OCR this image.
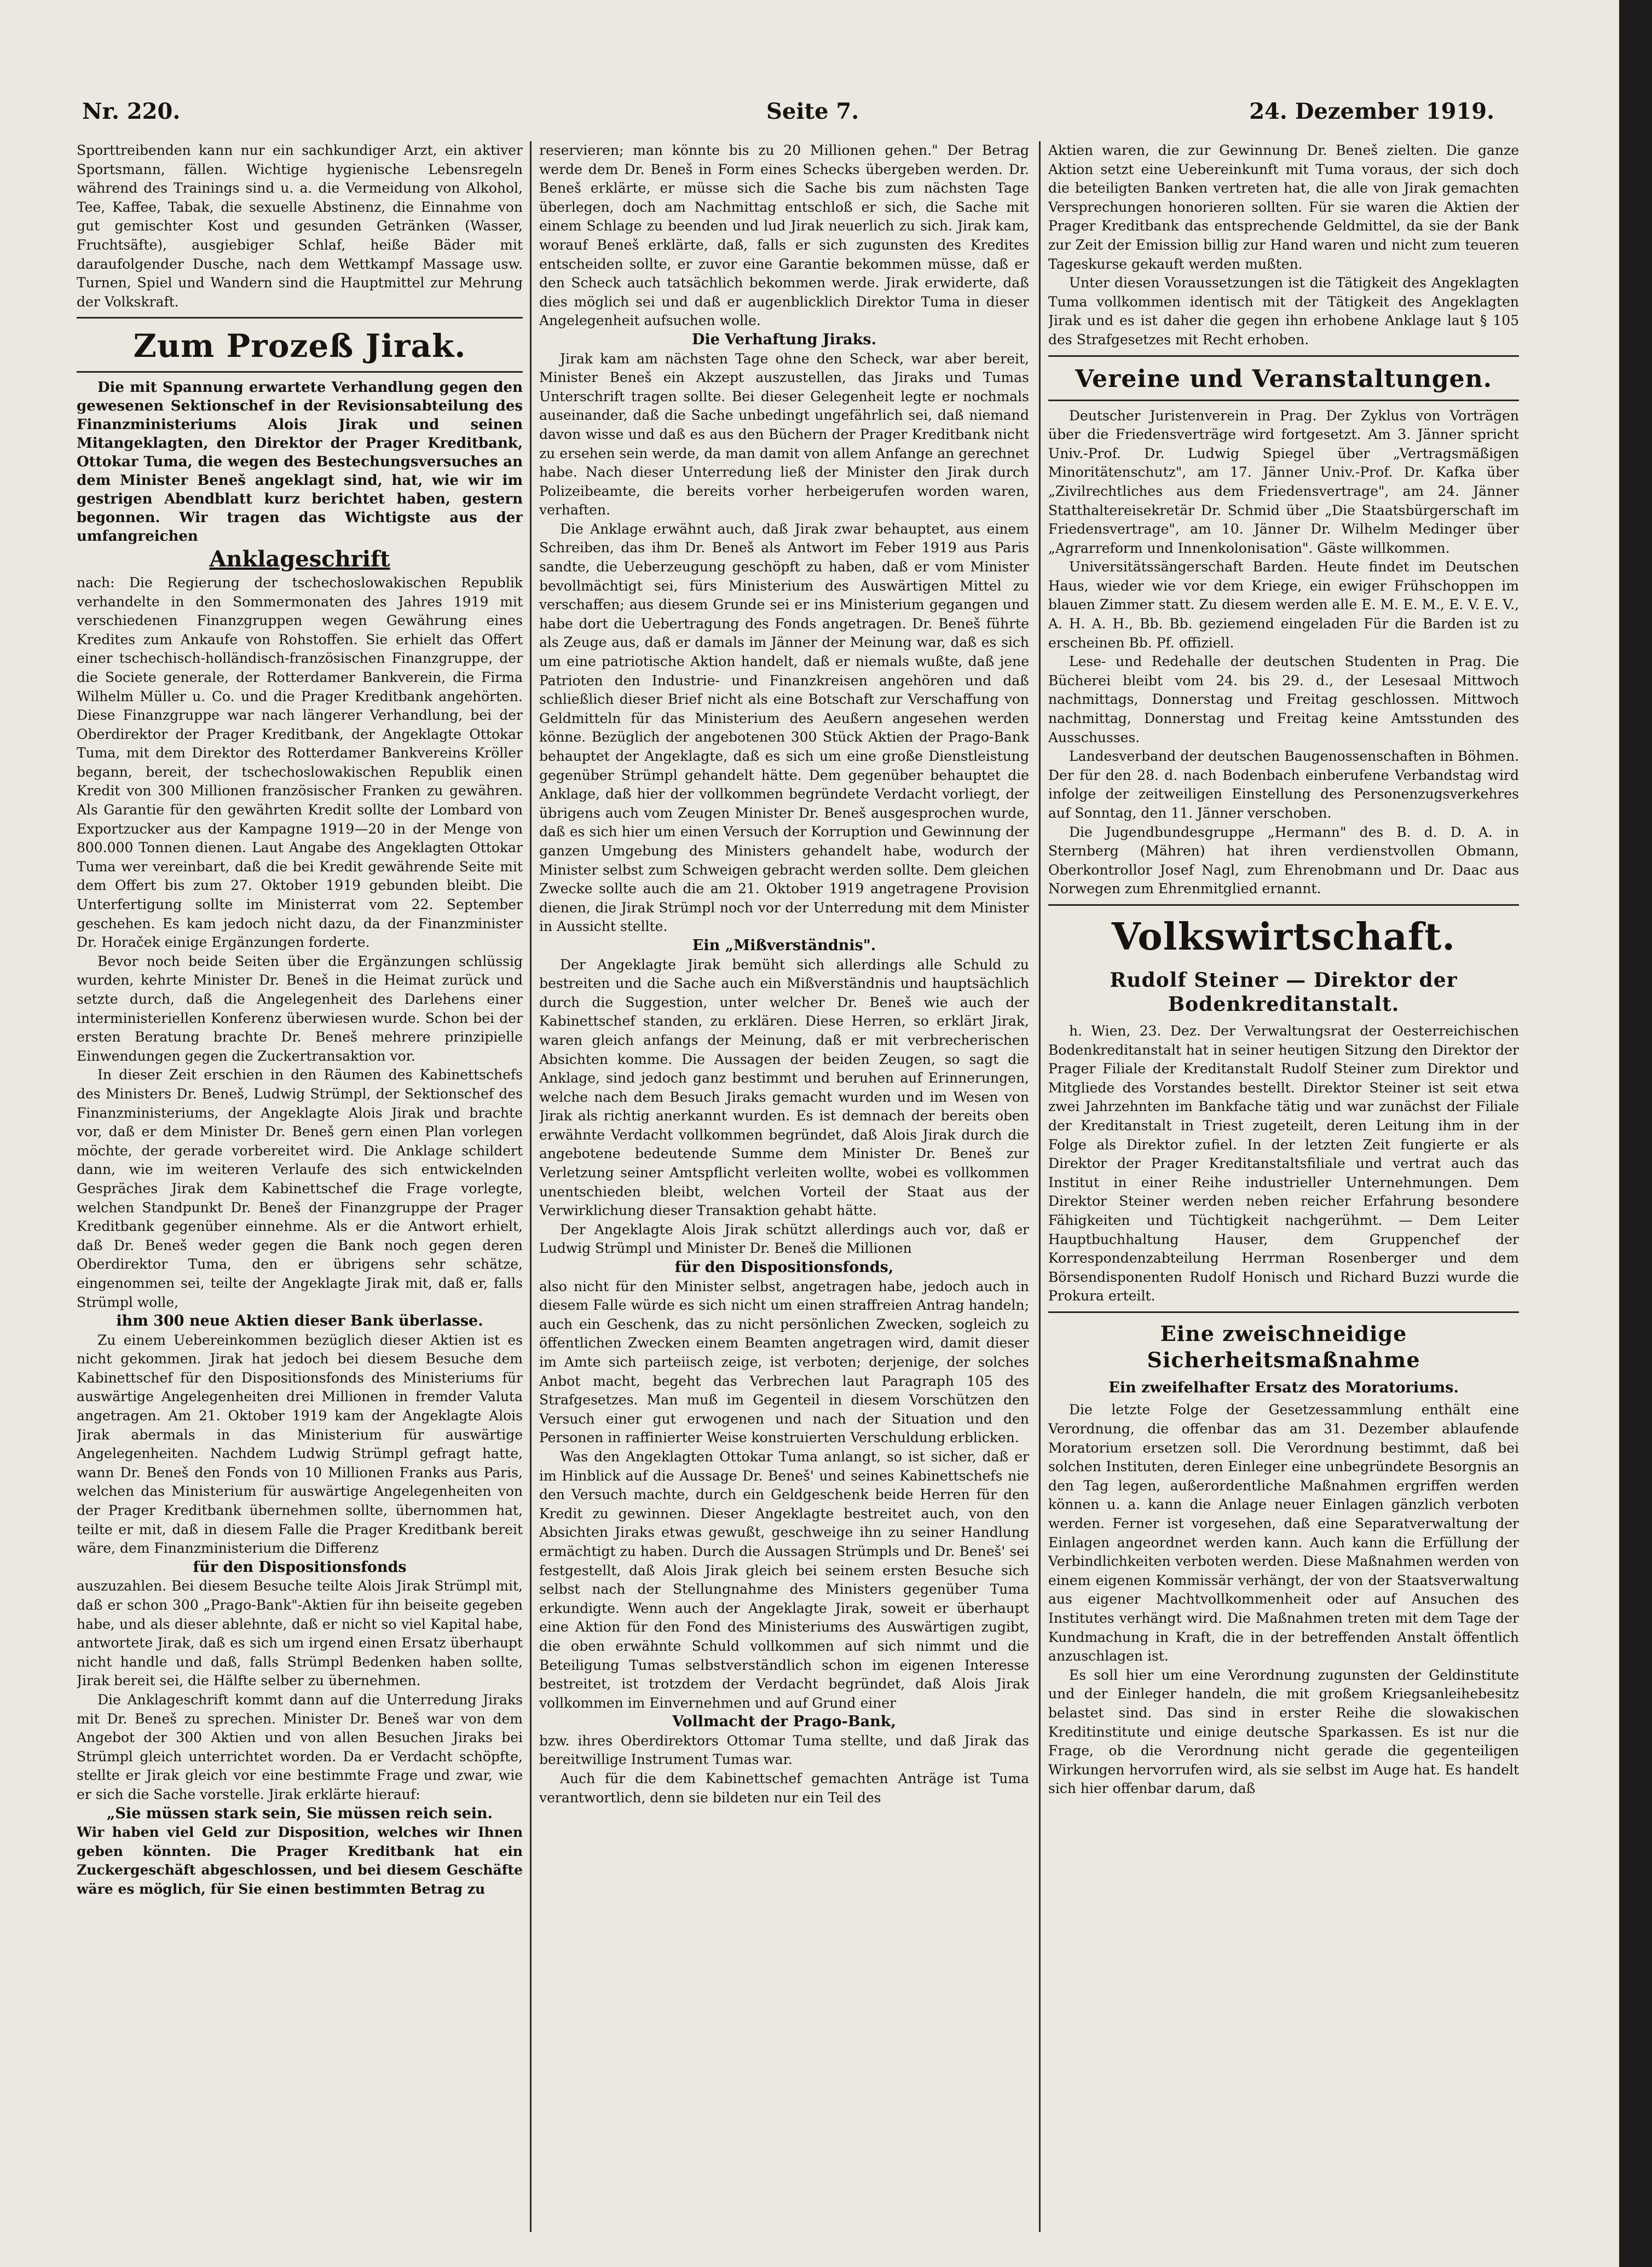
Nr. 220.	Seite 7.	24. Dezember 1919.

Sporttreibenden kann nur ein sachkundiger Arzt, ein aktiver Sportsmann, fällen. Wichtige hygienische Lebensregeln während des Trainings sind u. a. die Vermeidung von Alkohol, Tee, Kaffee, Tabak, die sexuelle Abstinenz, die Einnahme von gut gemischter Kost und gesunden Getränken (Wasser, Fruchtsäfte), ausgiebiger Schlaf, heiße Bäder mit daraufolgender Dusche, nach dem Wettkampf Massage usw. Turnen, Spiel und Wandern sind die Hauptmittel zur Mehrung der Volkskraft.

Zum Prozeß Jirak.

Die mit Spannung erwartete Verhandlung gegen den gewesenen Sektionschef in der Revisionsabteilung des Finanzministeriums Alois Jirak und seinen Mitangeklagten, den Direktor der Prager Kreditbank, Ottokar Tuma, die wegen des Bestechungsversuches an dem Minister Beneš angeklagt sind, hat, wie wir im gestrigen Abendblatt kurz berichtet haben, gestern begonnen. Wir tragen das Wichtigste aus der umfangreichen

Anklageschrift

nach: Die Regierung der tschechoslowakischen Republik verhandelte in den Sommermonaten des Jahres 1919 mit verschiedenen Finanzgruppen wegen Gewährung eines Kredites zum Ankaufe von Rohstoffen. Sie erhielt das Offert einer tschechisch-holländisch-französischen Finanzgruppe, der die Societe generale, der Rotterdamer Bankverein, die Firma Wilhelm Müller u. Co. und die Prager Kreditbank angehörten. Diese Finanzgruppe war nach längerer Verhandlung, bei der Oberdirektor der Prager Kreditbank, der Angeklagte Ottokar Tuma, mit dem Direktor des Rotterdamer Bankvereins Kröller begann, bereit, der tschechoslowakischen Republik einen Kredit von 300 Millionen französischer Franken zu gewähren. Als Garantie für den gewährten Kredit sollte der Lombard von Exportzucker aus der Kampagne 1919—20 in der Menge von 800.000 Tonnen dienen. Laut Angabe des Angeklagten Ottokar Tuma wer vereinbart, daß die bei Kredit gewährende Seite mit dem Offert bis zum 27. Oktober 1919 gebunden bleibt. Die Unterfertigung sollte im Ministerrat vom 22. September geschehen. Es kam jedoch nicht dazu, da der Finanzminister Dr. Horaček einige Ergänzungen forderte.

Bevor noch beide Seiten über die Ergänzungen schlüssig wurden, kehrte Minister Dr. Beneš in die Heimat zurück und setzte durch, daß die Angelegenheit des Darlehens einer interministeriellen Konferenz überwiesen wurde. Schon bei der ersten Beratung brachte Dr. Beneš mehrere prinzipielle Einwendungen gegen die Zuckertransaktion vor.

In dieser Zeit erschien in den Räumen des Kabinettschefs des Ministers Dr. Beneš, Ludwig Strümpl, der Sektionschef des Finanzministeriums, der Angeklagte Alois Jirak und brachte vor, daß er dem Minister Dr. Beneš gern einen Plan vorlegen möchte, der gerade vorbereitet wird. Die Anklage schildert dann, wie im weiteren Verlaufe des sich entwickelnden Gespräches Jirak dem Kabinettschef die Frage vorlegte, welchen Standpunkt Dr. Beneš der Finanzgruppe der Prager Kreditbank gegenüber einnehme. Als er die Antwort erhielt, daß Dr. Beneš weder gegen die Bank noch gegen deren Oberdirektor Tuma, den er übrigens sehr schätze, eingenommen sei, teilte der Angeklagte Jirak mit, daß er, falls Strümpl wolle,

ihm 300 neue Aktien dieser Bank überlasse.

Zu einem Uebereinkommen bezüglich dieser Aktien ist es nicht gekommen. Jirak hat jedoch bei diesem Besuche dem Kabinettschef für den Dispositionsfonds des Ministeriums für auswärtige Angelegenheiten drei Millionen in fremder Valuta angetragen. Am 21. Oktober 1919 kam der Angeklagte Alois Jirak abermals in das Ministerium für auswärtige Angelegenheiten. Nachdem Ludwig Strümpl gefragt hatte, wann Dr. Beneš den Fonds von 10 Millionen Franks aus Paris, welchen das Ministerium für auswärtige Angelegenheiten von der Prager Kreditbank übernehmen sollte, übernommen hat, teilte er mit, daß in diesem Falle die Prager Kreditbank bereit wäre, dem Finanzministerium die Differenz

für den Dispositionsfonds

auszuzahlen. Bei diesem Besuche teilte Alois Jirak Strümpl mit, daß er schon 300 „Prago-Bank"-Aktien für ihn beiseite gegeben habe, und als dieser ablehnte, daß er nicht so viel Kapital habe, antwortete Jirak, daß es sich um irgend einen Ersatz überhaupt nicht handle und daß, falls Strümpl Bedenken haben sollte, Jirak bereit sei, die Hälfte selber zu übernehmen.

Die Anklageschrift kommt dann auf die Unterredung Jiraks mit Dr. Beneš zu sprechen. Minister Dr. Beneš war von dem Angebot der 300 Aktien und von allen Besuchen Jiraks bei Strümpl gleich unterrichtet worden. Da er Verdacht schöpfte, stellte er Jirak gleich vor eine bestimmte Frage und zwar, wie er sich die Sache vorstelle. Jirak erklärte hierauf:

„Sie müssen stark sein, Sie müssen reich sein.

Wir haben viel Geld zur Disposition, welches wir Ihnen geben könnten. Die Prager Kreditbank hat ein Zuckergeschäft abgeschlossen, und bei diesem Geschäfte wäre es möglich, für Sie einen bestimmten Betrag zu

reservieren; man könnte bis zu 20 Millionen gehen." Der Betrag werde dem Dr. Beneš in Form eines Schecks übergeben werden. Dr. Beneš erklärte, er müsse sich die Sache bis zum nächsten Tage überlegen, doch am Nachmittag entschloß er sich, die Sache mit einem Schlage zu beenden und lud Jirak neuerlich zu sich. Jirak kam, worauf Beneš erklärte, daß, falls er sich zugunsten des Kredites entscheiden sollte, er zuvor eine Garantie bekommen müsse, daß er den Scheck auch tatsächlich bekommen werde. Jirak erwiderte, daß dies möglich sei und daß er augenblicklich Direktor Tuma in dieser Angelegenheit aufsuchen wolle.

Die Verhaftung Jiraks.

Jirak kam am nächsten Tage ohne den Scheck, war aber bereit, Minister Beneš ein Akzept auszustellen, das Jiraks und Tumas Unterschrift tragen sollte. Bei dieser Gelegenheit legte er nochmals auseinander, daß die Sache unbedingt ungefährlich sei, daß niemand davon wisse und daß es aus den Büchern der Prager Kreditbank nicht zu ersehen sein werde, da man damit von allem Anfange an gerechnet habe. Nach dieser Unterredung ließ der Minister den Jirak durch Polizeibeamte, die bereits vorher herbeigerufen worden waren, verhaften.

Die Anklage erwähnt auch, daß Jirak zwar behauptet, aus einem Schreiben, das ihm Dr. Beneš als Antwort im Feber 1919 aus Paris sandte, die Ueberzeugung geschöpft zu haben, daß er vom Minister bevollmächtigt sei, fürs Ministerium des Auswärtigen Mittel zu verschaffen; aus diesem Grunde sei er ins Ministerium gegangen und habe dort die Uebertragung des Fonds angetragen. Dr. Beneš führte als Zeuge aus, daß er damals im Jänner der Meinung war, daß es sich um eine patriotische Aktion handelt, daß er niemals wußte, daß jene Patrioten den Industrie- und Finanzkreisen angehören und daß schließlich dieser Brief nicht als eine Botschaft zur Verschaffung von Geldmitteln für das Ministerium des Aeußern angesehen werden könne. Bezüglich der angebotenen 300 Stück Aktien der Prago-Bank behauptet der Angeklagte, daß es sich um eine große Dienstleistung gegenüber Strümpl gehandelt hätte. Dem gegenüber behauptet die Anklage, daß hier der vollkommen begründete Verdacht vorliegt, der übrigens auch vom Zeugen Minister Dr. Beneš ausgesprochen wurde, daß es sich hier um einen Versuch der Korruption und Gewinnung der ganzen Umgebung des Ministers gehandelt habe, wodurch der Minister selbst zum Schweigen gebracht werden sollte. Dem gleichen Zwecke sollte auch die am 21. Oktober 1919 angetragene Provision dienen, die Jirak Strümpl noch vor der Unterredung mit dem Minister in Aussicht stellte.

Ein „Mißverständnis".

Der Angeklagte Jirak bemüht sich allerdings alle Schuld zu bestreiten und die Sache auch ein Mißverständnis und hauptsächlich durch die Suggestion, unter welcher Dr. Beneš wie auch der Kabinettschef standen, zu erklären. Diese Herren, so erklärt Jirak, waren gleich anfangs der Meinung, daß er mit verbrecherischen Absichten komme. Die Aussagen der beiden Zeugen, so sagt die Anklage, sind jedoch ganz bestimmt und beruhen auf Erinnerungen, welche nach dem Besuch Jiraks gemacht wurden und im Wesen von Jirak als richtig anerkannt wurden. Es ist demnach der bereits oben erwähnte Verdacht vollkommen begründet, daß Alois Jirak durch die angebotene bedeutende Summe dem Minister Dr. Beneš zur Verletzung seiner Amtspflicht verleiten wollte, wobei es vollkommen unentschieden bleibt, welchen Vorteil der Staat aus der Verwirklichung dieser Transaktion gehabt hätte.

Der Angeklagte Alois Jirak schützt allerdings auch vor, daß er Ludwig Strümpl und Minister Dr. Beneš die Millionen

für den Dispositionsfonds,

also nicht für den Minister selbst, angetragen habe, jedoch auch in diesem Falle würde es sich nicht um einen straffreien Antrag handeln; auch ein Geschenk, das zu nicht persönlichen Zwecken, sogleich zu öffentlichen Zwecken einem Beamten angetragen wird, damit dieser im Amte sich parteiisch zeige, ist verboten; derjenige, der solches Anbot macht, begeht das Verbrechen laut Paragraph 105 des Strafgesetzes. Man muß im Gegenteil in diesem Vorschützen den Versuch einer gut erwogenen und nach der Situation und den Personen in raffinierter Weise konstruierten Verschuldung erblicken.

Was den Angeklagten Ottokar Tuma anlangt, so ist sicher, daß er im Hinblick auf die Aussage Dr. Beneš' und seines Kabinettschefs nie den Versuch machte, durch ein Geldgeschenk beide Herren für den Kredit zu gewinnen. Dieser Angeklagte bestreitet auch, von den Absichten Jiraks etwas gewußt, geschweige ihn zu seiner Handlung ermächtigt zu haben. Durch die Aussagen Strümpls und Dr. Beneš' sei festgestellt, daß Alois Jirak gleich bei seinem ersten Besuche sich selbst nach der Stellungnahme des Ministers gegenüber Tuma erkundigte. Wenn auch der Angeklagte Jirak, soweit er überhaupt eine Aktion für den Fond des Ministeriums des Auswärtigen zugibt, die oben erwähnte Schuld vollkommen auf sich nimmt und die Beteiligung Tumas selbstverständlich schon im eigenen Interesse bestreitet, ist trotzdem der Verdacht begründet, daß Alois Jirak vollkommen im Einvernehmen und auf Grund einer

Vollmacht der Prago-Bank,

bzw. ihres Oberdirektors Ottomar Tuma stellte, und daß Jirak das bereitwillige Instrument Tumas war.

Auch für die dem Kabinettschef gemachten Anträge ist Tuma verantwortlich, denn sie bildeten nur ein Teil des

Aktien waren, die zur Gewinnung Dr. Beneš zielten. Die ganze Aktion setzt eine Uebereinkunft mit Tuma voraus, der sich doch die beteiligten Banken vertreten hat, die alle von Jirak gemachten Versprechungen honorieren sollten. Für sie waren die Aktien der Prager Kreditbank das entsprechende Geldmittel, da sie der Bank zur Zeit der Emission billig zur Hand waren und nicht zum teueren Tageskurse gekauft werden mußten.

Unter diesen Voraussetzungen ist die Tätigkeit des Angeklagten Tuma vollkommen identisch mit der Tätigkeit des Angeklagten Jirak und es ist daher die gegen ihn erhobene Anklage laut § 105 des Strafgesetzes mit Recht erhoben.

Vereine und Veranstaltungen.

Deutscher Juristenverein in Prag. Der Zyklus von Vorträgen über die Friedensverträge wird fortgesetzt. Am 3. Jänner spricht Univ.-Prof. Dr. Ludwig Spiegel über „Vertragsmäßigen Minoritätenschutz", am 17. Jänner Univ.-Prof. Dr. Kafka über „Zivilrechtliches aus dem Friedensvertrage", am 24. Jänner Statthaltereisekretär Dr. Schmid über „Die Staatsbürgerschaft im Friedensvertrage", am 10. Jänner Dr. Wilhelm Medinger über „Agrarreform und Innenkolonisation". Gäste willkommen.

Universitätssängerschaft Barden. Heute findet im Deutschen Haus, wieder wie vor dem Kriege, ein ewiger Frühschoppen im blauen Zimmer statt. Zu diesem werden alle E. M. E. M., E. V. E. V., A. H. A. H., Bb. Bb. geziemend eingeladen Für die Barden ist zu erscheinen Bb. Pf. offiziell.

Lese- und Redehalle der deutschen Studenten in Prag. Die Bücherei bleibt vom 24. bis 29. d., der Lesesaal Mittwoch nachmittags, Donnerstag und Freitag geschlossen. Mittwoch nachmittag, Donnerstag und Freitag keine Amtsstunden des Ausschusses.

Landesverband der deutschen Baugenossenschaften in Böhmen. Der für den 28. d. nach Bodenbach einberufene Verbandstag wird infolge der zeitweiligen Einstellung des Personenzugsverkehres auf Sonntag, den 11. Jänner verschoben.

Die Jugendbundesgruppe „Hermann" des B. d. D. A. in Sternberg (Mähren) hat ihren verdienstvollen Obmann, Oberkontrollor Josef Nagl, zum Ehrenobmann und Dr. Daac aus Norwegen zum Ehrenmitglied ernannt.

Volkswirtschaft.
Rudolf Steiner — Direktor der Bodenkreditanstalt.

h. Wien, 23. Dez. Der Verwaltungsrat der Oesterreichischen Bodenkreditanstalt hat in seiner heutigen Sitzung den Direktor der Prager Filiale der Kreditanstalt Rudolf Steiner zum Direktor und Mitgliede des Vorstandes bestellt. Direktor Steiner ist seit etwa zwei Jahrzehnten im Bankfache tätig und war zunächst der Filiale der Kreditanstalt in Triest zugeteilt, deren Leitung ihm in der Folge als Direktor zufiel. In der letzten Zeit fungierte er als Direktor der Prager Kreditanstaltsfiliale und vertrat auch das Institut in einer Reihe industrieller Unternehmungen. Dem Direktor Steiner werden neben reicher Erfahrung besondere Fähigkeiten und Tüchtigkeit nachgerühmt. — Dem Leiter Hauptbuchhaltung Hauser, dem Gruppenchef der Korrespondenzabteilung Herrman Rosenberger und dem Börsendisponenten Rudolf Honisch und Richard Buzzi wurde die Prokura erteilt.

Eine zweischneidige Sicherheitsmaßnahme
Ein zweifelhafter Ersatz des Moratoriums.

Die letzte Folge der Gesetzessammlung enthält eine Verordnung, die offenbar das am 31. Dezember ablaufende Moratorium ersetzen soll. Die Verordnung bestimmt, daß bei solchen Instituten, deren Einleger eine unbegründete Besorgnis an den Tag legen, außerordentliche Maßnahmen ergriffen werden können u. a. kann die Anlage neuer Einlagen gänzlich verboten werden. Ferner ist vorgesehen, daß eine Separatverwaltung der Einlagen angeordnet werden kann. Auch kann die Erfüllung der Verbindlichkeiten verboten werden. Diese Maßnahmen werden von einem eigenen Kommissär verhängt, der von der Staatsverwaltung aus eigener Machtvollkommenheit oder auf Ansuchen des Institutes verhängt wird. Die Maßnahmen treten mit dem Tage der Kundmachung in Kraft, die in der betreffenden Anstalt öffentlich anzuschlagen ist.

Es soll hier um eine Verordnung zugunsten der Geldinstitute und der Einleger handeln, die mit großem Kriegsanleihebesitz belastet sind. Das sind in erster Reihe die slowakischen Kreditinstitute und einige deutsche Sparkassen. Es ist nur die Frage, ob die Verordnung nicht gerade die gegenteiligen Wirkungen hervorrufen wird, als sie selbst im Auge hat. Es handelt sich hier offenbar darum, daß
